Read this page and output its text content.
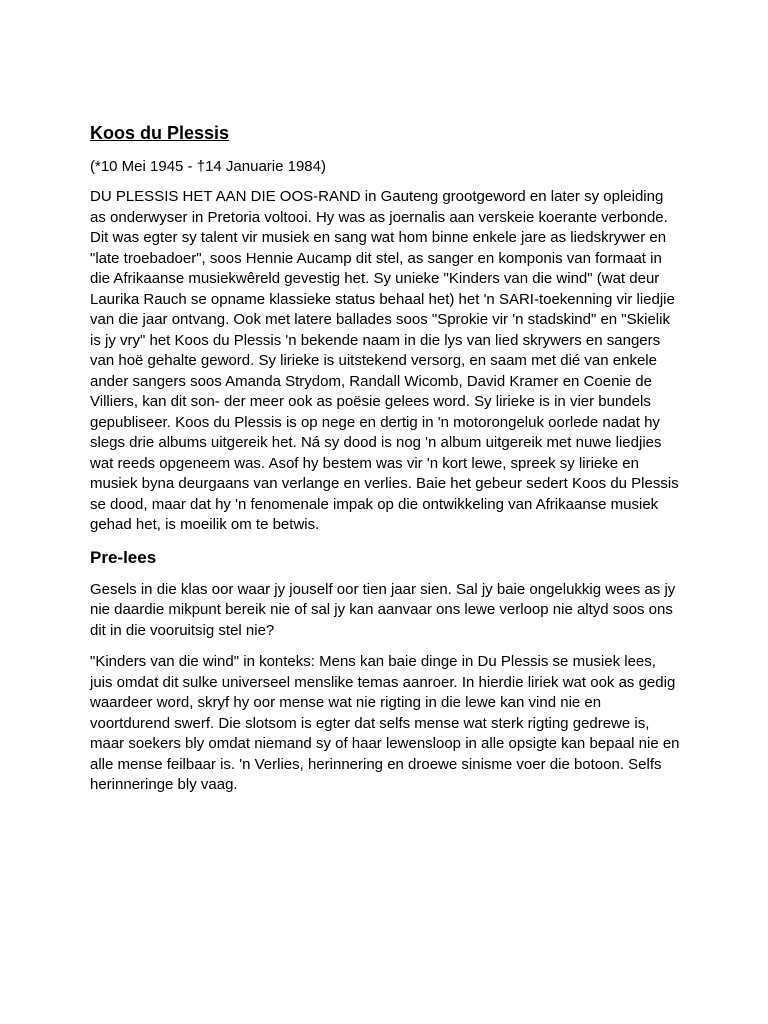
Koos du Plessis
(*10 Mei 1945 - †14 Januarie 1984)

DU PLESSIS HET AAN DIE OOS-RAND in Gauteng grootgeword en later sy opleiding as onderwyser in Pretoria voltooi. Hy was as joernalis aan verskeie koerante verbonde. Dit was egter sy talent vir musiek en sang wat hom binne enkele jare as liedskrywer en "late troebadoer", soos Hennie Aucamp dit stel, as sanger en komponis van formaat in die Afrikaanse musiekwêreld gevestig het. Sy unieke "Kinders van die wind" (wat deur Laurika Rauch se opname klassieke status behaal het) het 'n SARI-toekenning vir liedjie van die jaar ontvang. Ook met latere ballades soos "Sprokie vir 'n stadskind" en "Skielik is jy vry" het Koos du Plessis 'n bekende naam in die lys van lied skrywers en sangers van hoë gehalte geword. Sy lirieke is uitstekend versorg, en saam met dié van enkele ander sangers soos Amanda Strydom, Randall Wicomb, David Kramer en Coenie de Villiers, kan dit son- der meer ook as poësie gelees word. Sy lirieke is in vier bundels gepubliseer. Koos du Plessis is op nege en dertig in 'n motorongeluk oorlede nadat hy slegs drie albums uitgereik het. Ná sy dood is nog 'n album uitgereik met nuwe liedjies wat reeds opgeneem was. Asof hy bestem was vir 'n kort lewe, spreek sy lirieke en musiek byna deurgaans van verlange en verlies. Baie het gebeur sedert Koos du Plessis se dood, maar dat hy 'n fenomenale impak op die ontwikkeling van Afrikaanse musiek gehad het, is moeilik om te betwis.

Pre-lees

Gesels in die klas oor waar jy jouself oor tien jaar sien. Sal jy baie ongelukkig wees as jy nie daardie mikpunt bereik nie of sal jy kan aanvaar ons lewe verloop nie altyd soos ons dit in die vooruitsig stel nie?

"Kinders van die wind" in konteks: Mens kan baie dinge in Du Plessis se musiek lees, juis omdat dit sulke universeel menslike temas aanroer. In hierdie liriek wat ook as gedig waardeer word, skryf hy oor mense wat nie rigting in die lewe kan vind nie en voortdurend swerf. Die slotsom is egter dat selfs mense wat sterk rigting gedrewe is, maar soekers bly omdat niemand sy of haar lewensloop in alle opsigte kan bepaal nie en alle mense feilbaar is. 'n Verlies, herinnering en droewe sinisme voer die botoon. Selfs herinneringe bly vaag.
